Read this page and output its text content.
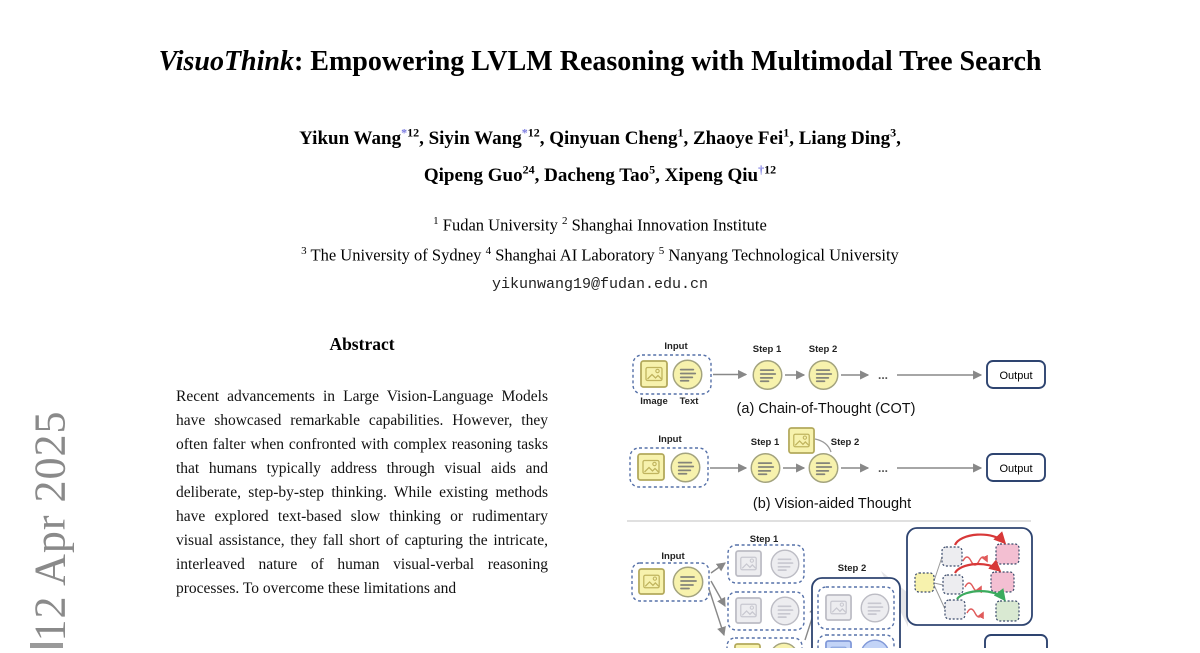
12 Apr 2025
VisuoThink: Empowering LVLM Reasoning with Multimodal Tree Search
Yikun Wang$^{*12}$, Siyin Wang$^{*12}$, Qinyuan Cheng$^1$, Zhaoye Fei$^1$, Liang Ding$^3$,
Qipeng Guo$^{24}$, Dacheng Tao$^5$, Xipeng Qiu$^{\dagger 12}$
$^1$ Fudan University $^2$ Shanghai Innovation Institute
$^3$ The University of Sydney $^4$ Shanghai AI Laboratory $^5$ Nanyang Technological University
yikunwang19@fudan.edu.cn
Abstract

Recent advancements in Large Vision-Language Models have showcased remarkable capabilities. However, they often falter when confronted with complex reasoning tasks that humans typically address through visual aids and deliberate, step-by-step thinking. While existing methods have explored text-based slow thinking or rudimentary visual assistance, they fall short of capturing the intricate, interleaved nature of human visual-verbal reasoning processes. To overcome these limitations and

Input
Image Text
Step 1	Step 2
...	Output
(a) Chain-of-Thought (COT)
Input	Step 1	Step 2
...	Output
(b) Vision-aided Thought
Input
Step 1
Step 2
